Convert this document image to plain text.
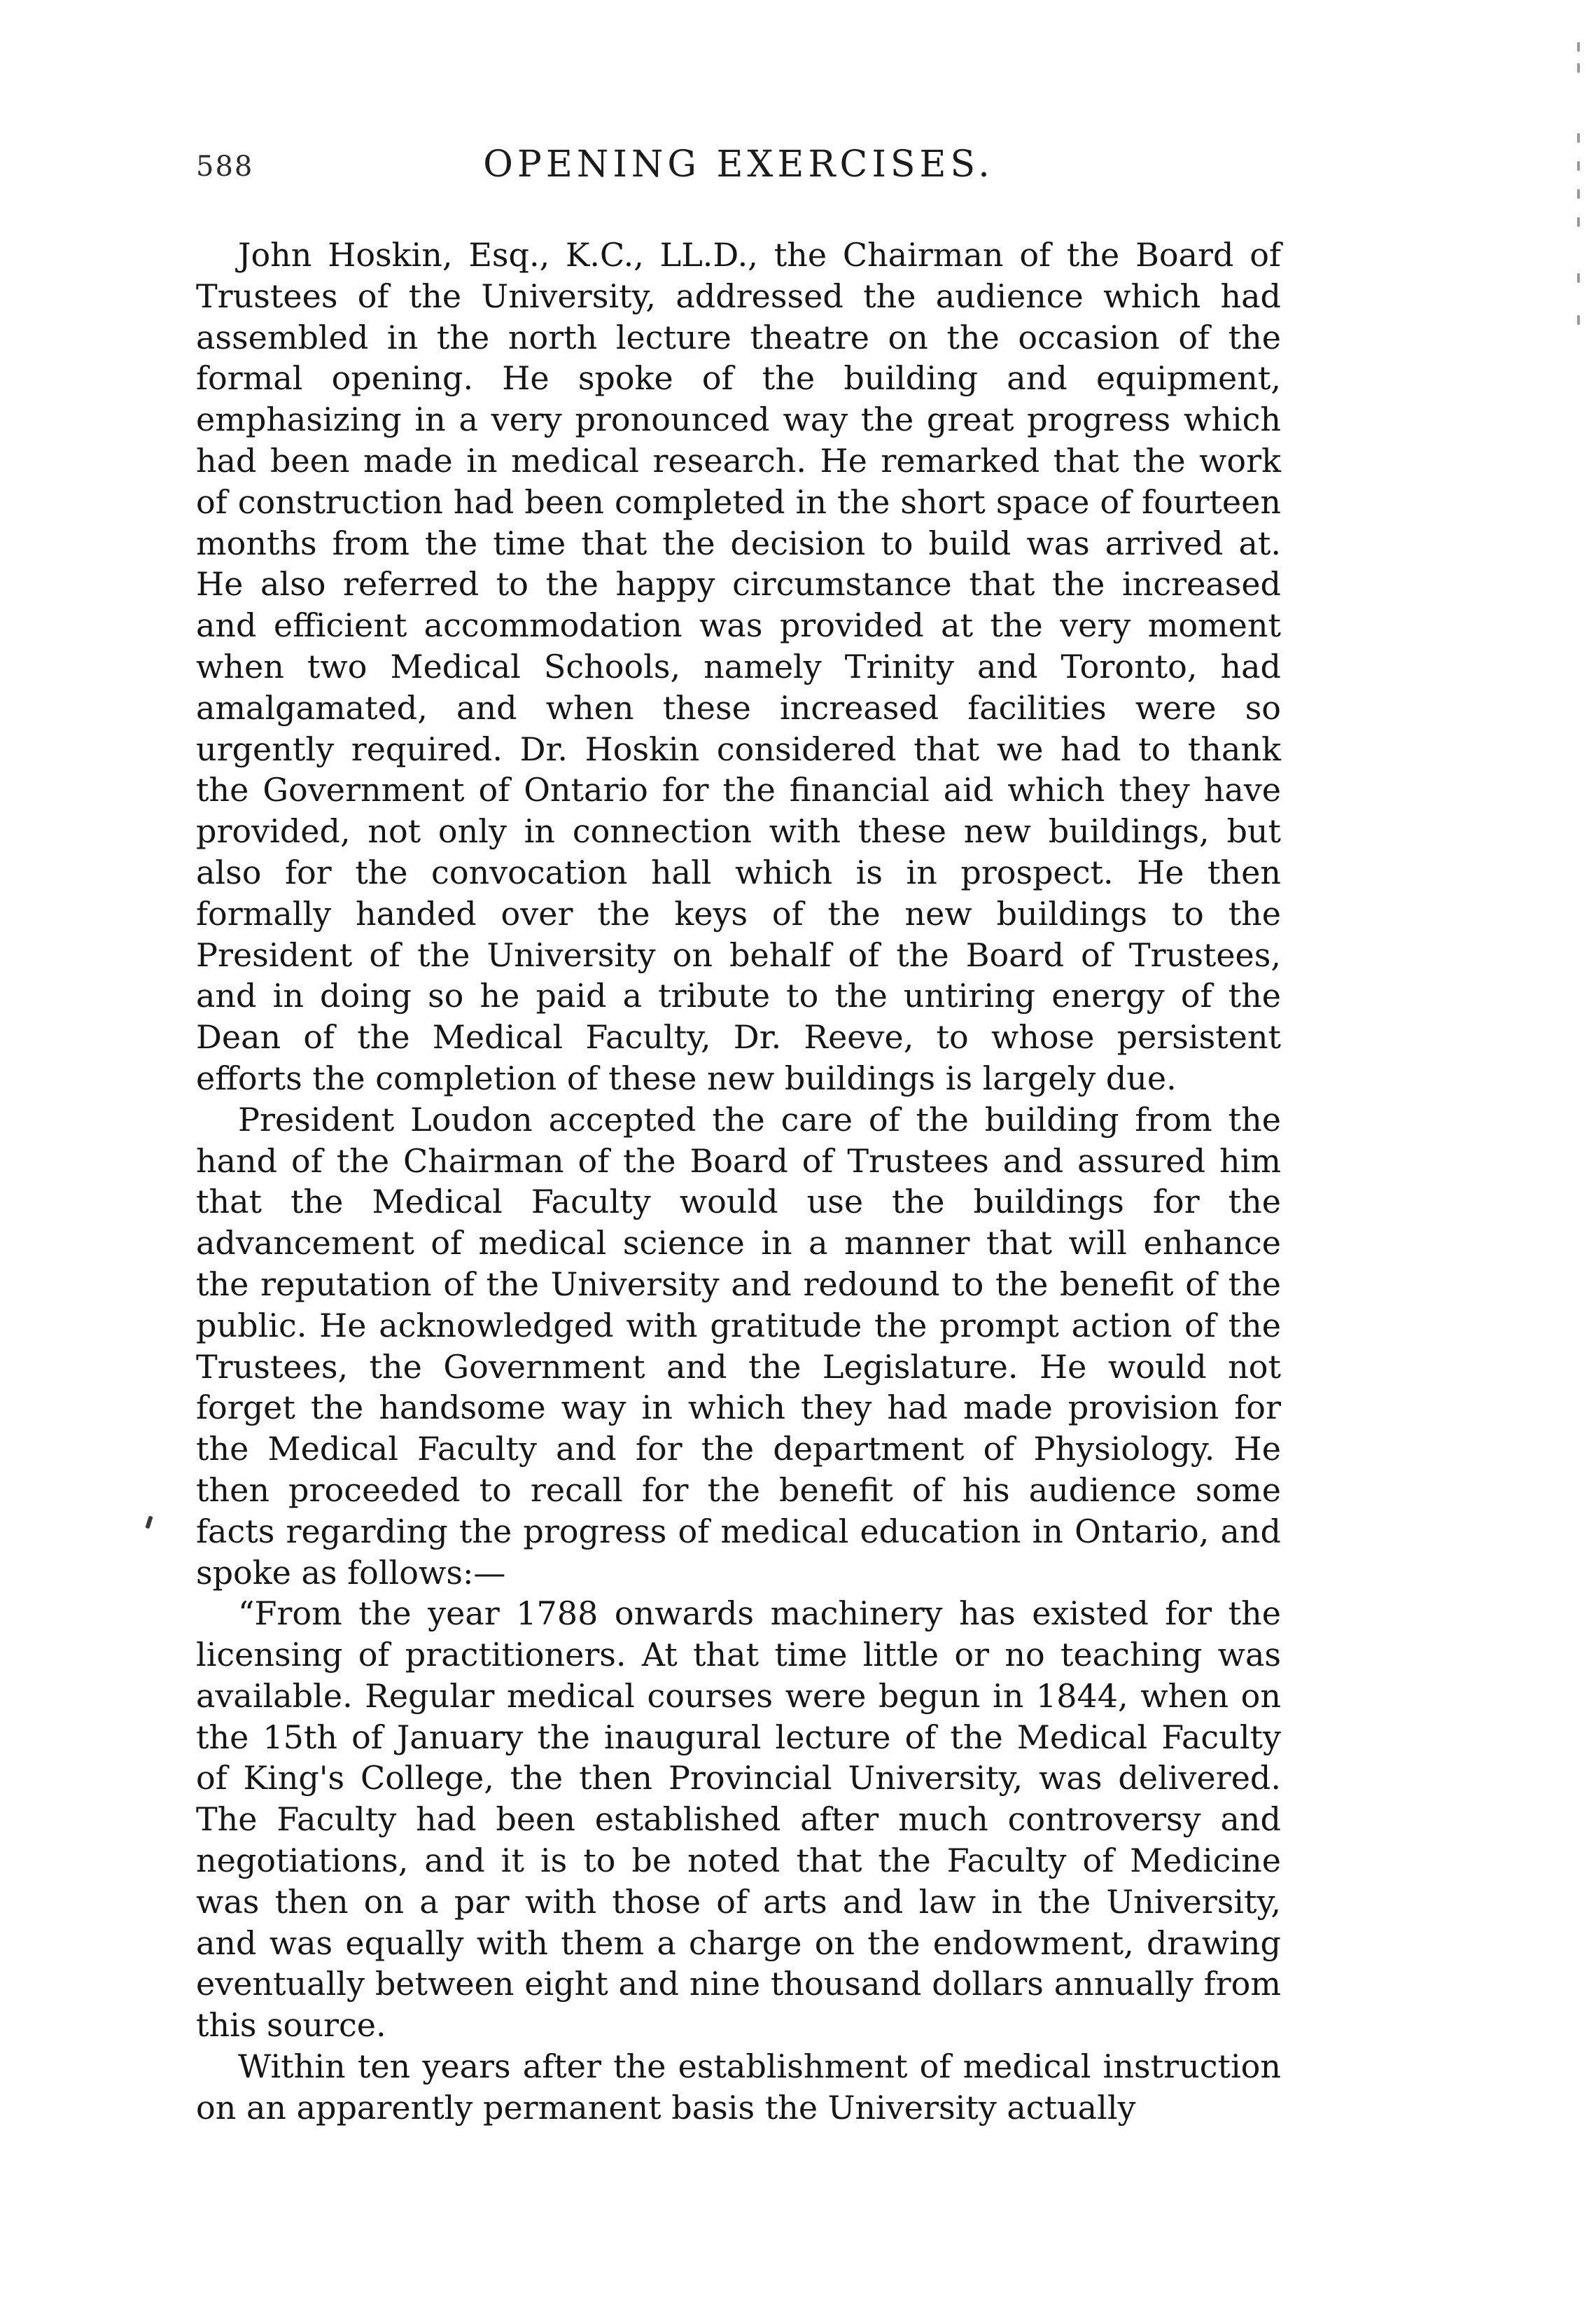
588	OPENING EXERCISES.

John Hoskin, Esq., K.C., LL.D., the Chairman of the Board of Trustees of the University, addressed the audience which had assembled in the north lecture theatre on the occasion of the formal opening. He spoke of the building and equipment, emphasizing in a very pronounced way the great progress which had been made in medical research. He remarked that the work of construction had been completed in the short space of fourteen months from the time that the decision to build was arrived at. He also referred to the happy circumstance that the increased and efficient accommodation was provided at the very moment when two Medical Schools, namely Trinity and Toronto, had amalgamated, and when these increased facilities were so urgently required. Dr. Hoskin considered that we had to thank the Government of Ontario for the financial aid which they have provided, not only in connection with these new buildings, but also for the convocation hall which is in prospect. He then formally handed over the keys of the new buildings to the President of the University on behalf of the Board of Trustees, and in doing so he paid a tribute to the untiring energy of the Dean of the Medical Faculty, Dr. Reeve, to whose persistent efforts the completion of these new buildings is largely due.

President Loudon accepted the care of the building from the hand of the Chairman of the Board of Trustees and assured him that the Medical Faculty would use the buildings for the advancement of medical science in a manner that will enhance the reputation of the University and redound to the benefit of the public. He acknowledged with gratitude the prompt action of the Trustees, the Government and the Legislature. He would not forget the handsome way in which they had made provision for the Medical Faculty and for the department of Physiology. He then proceeded to recall for the benefit of his audience some facts regarding the progress of medical education in Ontario, and spoke as follows:—

“From the year 1788 onwards machinery has existed for the licensing of practitioners. At that time little or no teaching was available. Regular medical courses were begun in 1844, when on the 15th of January the inaugural lecture of the Medical Faculty of King's College, the then Provincial University, was delivered. The Faculty had been established after much controversy and negotiations, and it is to be noted that the Faculty of Medicine was then on a par with those of arts and law in the University, and was equally with them a charge on the endowment, drawing eventually between eight and nine thousand dollars annually from this source.

Within ten years after the establishment of medical instruction on an apparently permanent basis the University actually
